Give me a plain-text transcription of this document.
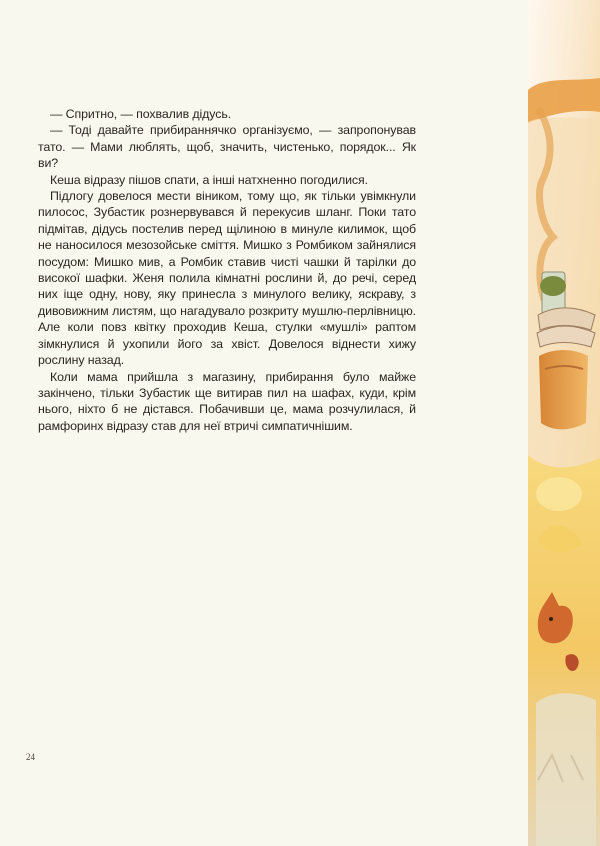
— Спритно, — похвалив дідусь.

— Тоді давайте прибираннячко організуємо, — запропонував тато. — Мами люблять, щоб, значить, чистенько, порядок... Як ви?

Кеша відразу пішов спати, а інші натхненно погодилися.

Підлогу довелося мести віником, тому що, як тільки увімкнули пилосос, Зубастик рознервувався й перекусив шланг. Поки тато підмітав, дідусь постелив перед щілиною в минуле килимок, щоб не наносилося мезозойське сміття. Мишко з Ромбиком зайнялися посудом: Мишко мив, а Ромбик ставив чисті чашки й тарілки до високої шафки. Женя полила кімнатні рослини й, до речі, серед них іще одну, нову, яку принесла з минулого велику, яскраву, з дивовижним листям, що нагадувало розкриту мушлю-перлівницю. Але коли повз квітку проходив Кеша, стулки «мушлі» раптом зімкнулися й ухопили його за хвіст. Довелося віднести хижу рослину назад.

Коли мама прийшла з магазину, прибирання було майже закінчено, тільки Зубастик ще витирав пил на шафах, куди, крім нього, ніхто б не дістався. Побачивши це, мама розчулилася, й рамфоринх відразу став для неї втричі симпатичнішим.

24
